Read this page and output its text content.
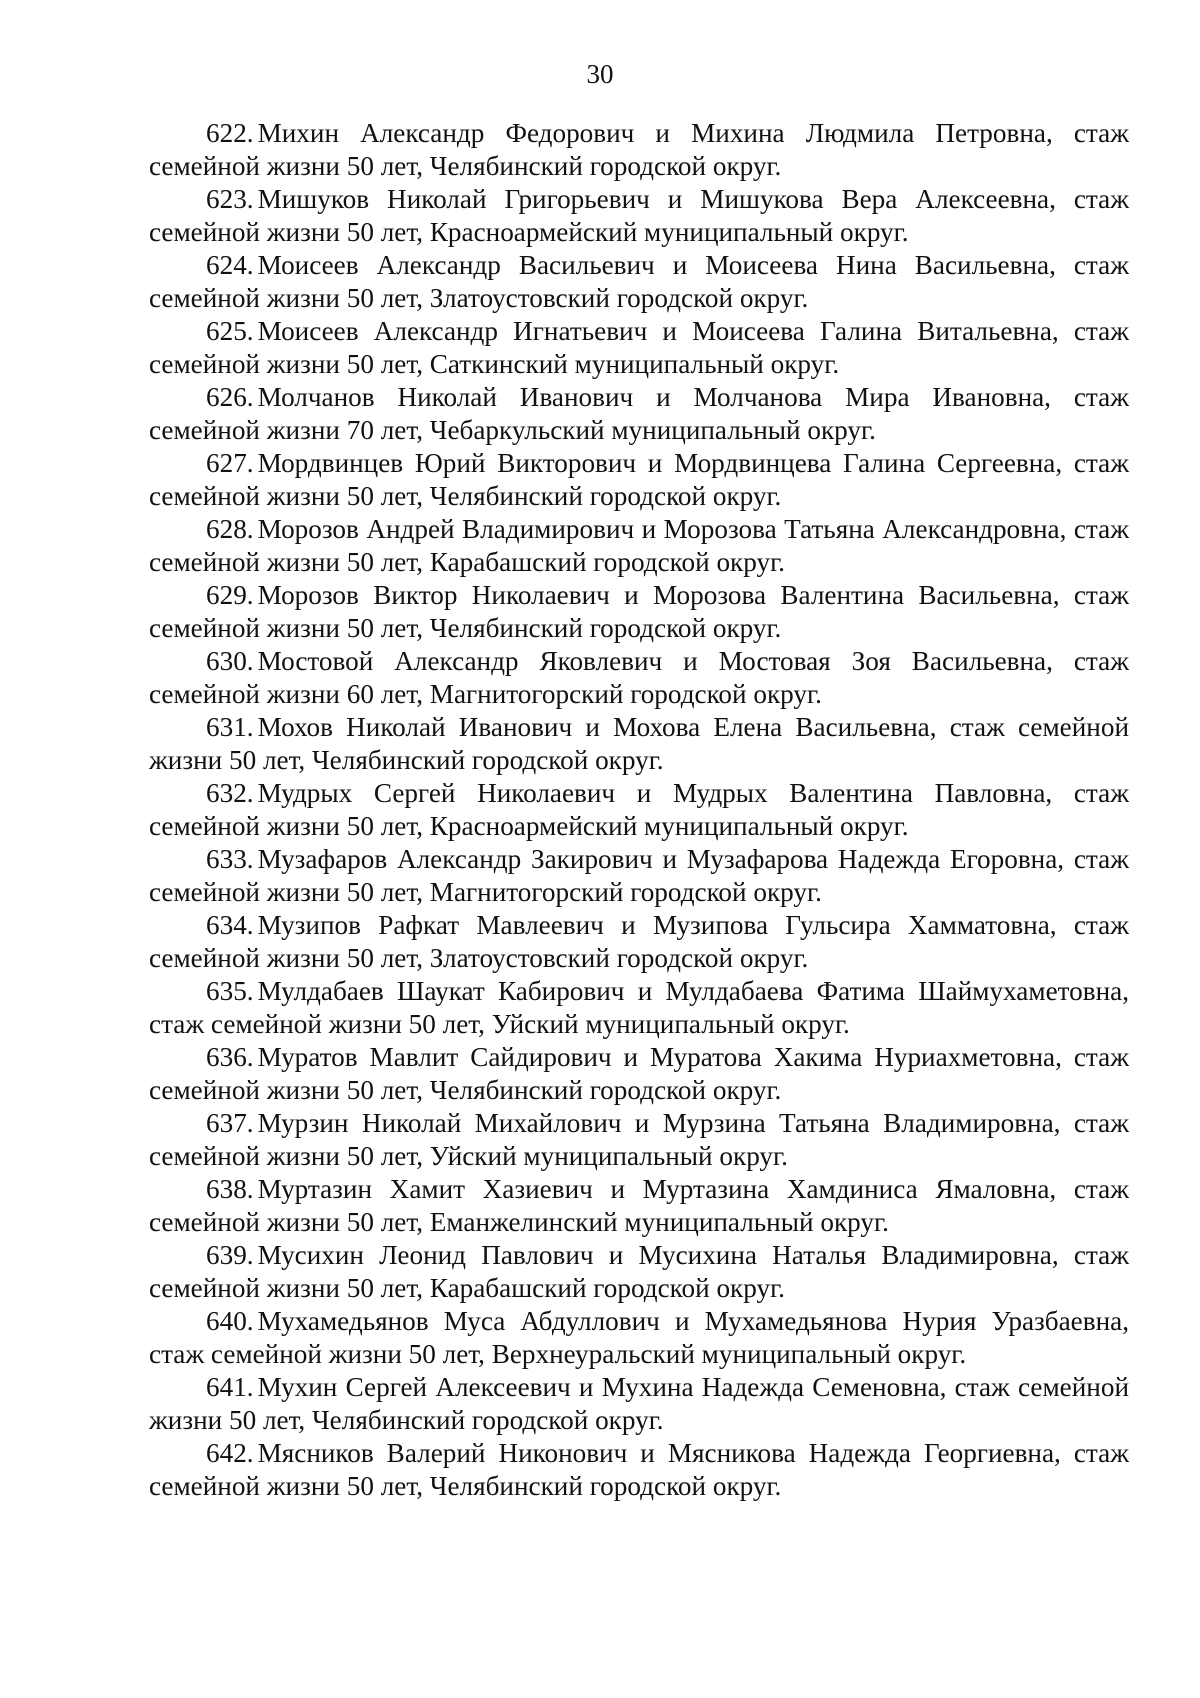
30

622. Михин Александр Федорович и Михина Людмила Петровна, стаж семейной жизни 50 лет, Челябинский городской округ.

623. Мишуков Николай Григорьевич и Мишукова Вера Алексеевна, стаж семейной жизни 50 лет, Красноармейский муниципальный округ.

624. Моисеев Александр Васильевич и Моисеева Нина Васильевна, стаж семейной жизни 50 лет, Златоустовский городской округ.

625. Моисеев Александр Игнатьевич и Моисеева Галина Витальевна, стаж семейной жизни 50 лет, Саткинский муниципальный округ.

626. Молчанов Николай Иванович и Молчанова Мира Ивановна, стаж семейной жизни 70 лет, Чебаркульский муниципальный округ.

627. Мордвинцев Юрий Викторович и Мордвинцева Галина Сергеевна, стаж семейной жизни 50 лет, Челябинский городской округ.

628. Морозов Андрей Владимирович и Морозова Татьяна Александровна, стаж семейной жизни 50 лет, Карабашский городской округ.

629. Морозов Виктор Николаевич и Морозова Валентина Васильевна, стаж семейной жизни 50 лет, Челябинский городской округ.

630. Мостовой Александр Яковлевич и Мостовая Зоя Васильевна, стаж семейной жизни 60 лет, Магнитогорский городской округ.

631. Мохов Николай Иванович и Мохова Елена Васильевна, стаж семейной жизни 50 лет, Челябинский городской округ.

632. Мудрых Сергей Николаевич и Мудрых Валентина Павловна, стаж семейной жизни 50 лет, Красноармейский муниципальный округ.

633. Музафаров Александр Закирович и Музафарова Надежда Егоровна, стаж семейной жизни 50 лет, Магнитогорский городской округ.

634. Музипов Рафкат Мавлеевич и Музипова Гульсира Хамматовна, стаж семейной жизни 50 лет, Златоустовский городской округ.

635. Мулдабаев Шаукат Кабирович и Мулдабаева Фатима Шаймухаметовна, стаж семейной жизни 50 лет, Уйский муниципальный округ.

636. Муратов Мавлит Сайдирович и Муратова Хакима Нуриахметовна, стаж семейной жизни 50 лет, Челябинский городской округ.

637. Мурзин Николай Михайлович и Мурзина Татьяна Владимировна, стаж семейной жизни 50 лет, Уйский муниципальный округ.

638. Муртазин Хамит Хазиевич и Муртазина Хамдиниса Ямаловна, стаж семейной жизни 50 лет, Еманжелинский муниципальный округ.

639. Мусихин Леонид Павлович и Мусихина Наталья Владимировна, стаж семейной жизни 50 лет, Карабашский городской округ.

640. Мухамедьянов Муса Абдуллович и Мухамедьянова Нурия Уразбаевна, стаж семейной жизни 50 лет, Верхнеуральский муниципальный округ.

641. Мухин Сергей Алексеевич и Мухина Надежда Семеновна, стаж семейной жизни 50 лет, Челябинский городской округ.

642. Мясников Валерий Никонович и Мясникова Надежда Георгиевна, стаж семейной жизни 50 лет, Челябинский городской округ.
